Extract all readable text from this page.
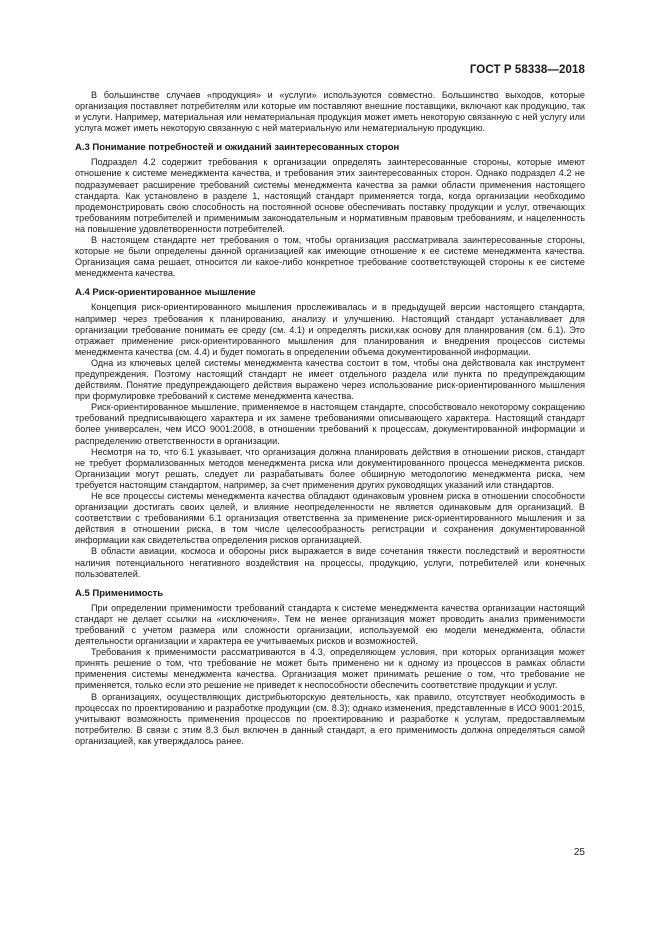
ГОСТ Р 58338—2018

В большинстве случаев «продукция» и «услуги» используются совместно. Большинство выходов, которые организация поставляет потребителям или которые им поставляют внешние поставщики, включают как продукцию, так и услуги. Например, материальная или нематериальная продукция может иметь некоторую связанную с ней услугу или услуга может иметь некоторую связанную с ней материальную или нематериальную продукцию.

А.3 Понимание потребностей и ожиданий заинтересованных сторон

Подраздел 4.2 содержит требования к организации определять заинтересованные стороны, которые имеют отношение к системе менеджмента качества, и требования этих заинтересованных сторон. Однако подраздел 4.2 не подразумевает расширение требований системы менеджмента качества за рамки области применения настоящего стандарта. Как установлено в разделе 1, настоящий стандарт применяется тогда, когда организации необходимо продемонстрировать свою способность на постоянной основе обеспечивать поставку продукции и услуг, отвечающих требованиям потребителей и применимым законодательным и нормативным правовым требованиям, и нацеленность на повышение удовлетворенности потребителей.

В настоящем стандарте нет требования о том, чтобы организация рассматривала заинтересованные стороны, которые не были определены данной организацией как имеющие отношение к ее системе менеджмента качества. Организация сама решает, относится ли какое-либо конкретное требование соответствующей стороны к ее системе менеджмента качества.

А.4 Риск-ориентированное мышление

Концепция риск-ориентированного мышления прослеживалась и в предыдущей версии настоящего стандарта, например через требования к планированию, анализу и улучшению. Настоящий стандарт устанавливает для организации требование понимать ее среду (см. 4.1) и определять риски,как основу для планирования (см. 6.1). Это отражает применение риск-ориентированного мышления для планирования и внедрения процессов системы менеджмента качества (см. 4.4) и будет помогать в определении объема документированной информации.

Одна из ключевых целей системы менеджмента качества состоит в том, чтобы она действовала как инструмент предупреждения. Поэтому настоящий стандарт не имеет отдельного раздела или пункта по предупреждающим действиям. Понятие предупреждающего действия выражено через использование риск-ориентированного мышления при формулировке требований к системе менеджмента качества.

Риск-ориентированное мышление, применяемое в настоящем стандарте, способствовало некоторому сокращению требований предписывающего характера и их замене требованиями описывающего характера. Настоящий стандарт более универсален, чем ИСО 9001:2008, в отношении требований к процессам, документированной информации и распределению ответственности в организации.

Несмотря на то, что 6.1 указывает, что организация должна планировать действия в отношении рисков, стандарт не требует формализованных методов менеджмента риска или документированного процесса менеджмента рисков. Организации могут решать, следует ли разрабатывать более обширную методологию менеджмента риска, чем требуется настоящим стандартом, например, за счет применения других руководящих указаний или стандартов.

Не все процессы системы менеджмента качества обладают одинаковым уровнем риска в отношении способности организации достигать своих целей, и влияние неопределенности не является одинаковым для организаций. В соответствии с требованиями 6.1 организация ответственна за применение риск-ориентированного мышления и за действия в отношении риска, в том числе целесообразность регистрации и сохранения документированной информации как свидетельства определения рисков организацией.

В области авиации, космоса и обороны риск выражается в виде сочетания тяжести последствий и вероятности наличия потенциального негативного воздействия на процессы, продукцию, услуги, потребителей или конечных пользователей.

А.5 Применимость

При определении применимости требований стандарта к системе менеджмента качества организации настоящий стандарт не делает ссылки на «исключения». Тем не менее организация может проводить анализ применимости требований с учетом размера или сложности организации, используемой ею модели менеджмента, области деятельности организации и характера ее учитываемых рисков и возможностей.

Требования к применимости рассматриваются в 4.3, определяющем условия, при которых организация может принять решение о том, что требование не может быть применено ни к одному из процессов в рамках области применения системы менеджмента качества. Организация может принимать решение о том, что требование не применяется, только если это решение не приведет к неспособности обеспечить соответствие продукции и услуг.

В организациях, осуществляющих дистрибьюторскую деятельность, как правило, отсутствует необходимость в процессах по проектированию и разработке продукции (см. 8.3); однако изменения, представленные в ИСО 9001:2015, учитывают возможность применения процессов по проектированию и разработке к услугам, предоставляемым потребителю. В связи с этим 8.3 был включен в данный стандарт, а его применимость должна определяться самой организацией, как утверждалось ранее.

25
